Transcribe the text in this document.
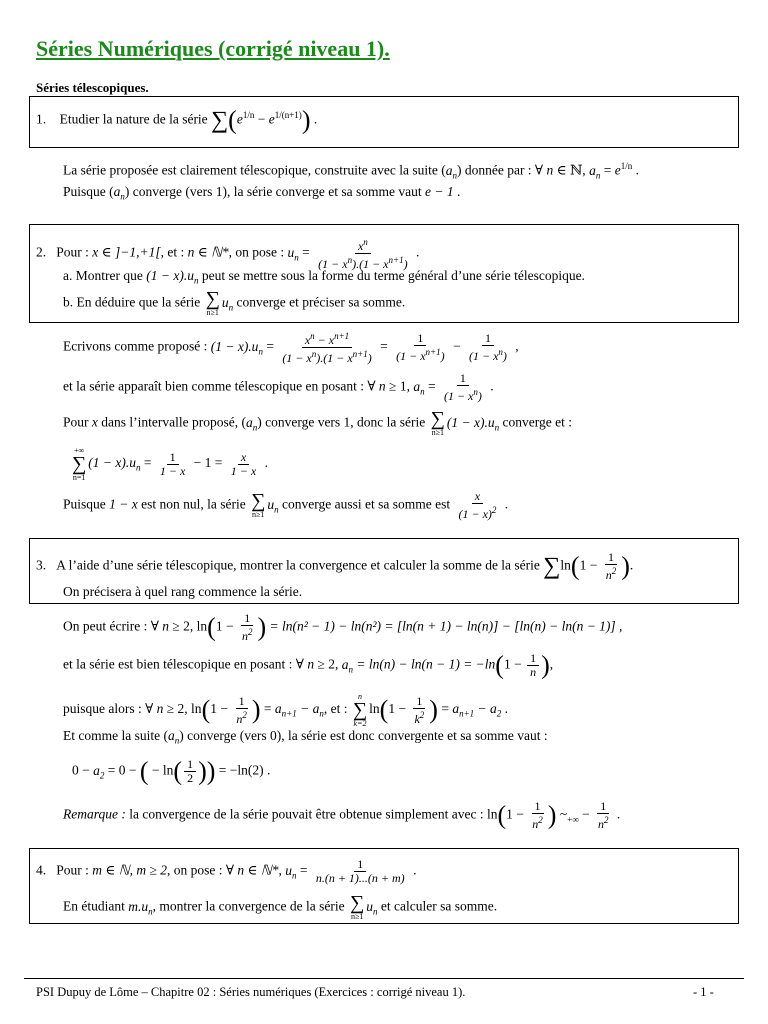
Séries Numériques (corrigé niveau 1).
Séries télescopiques.
1. Etudier la nature de la série $\sum(e^{1/n} - e^{1/(n+1)})$ .
La série proposée est clairement télescopique, construite avec la suite $(a_n)$ donnée par : ∀ n ∈ ℕ, $a_n = e^{1/n}$ .
Puisque $(a_n)$ converge (vers 1), la série converge et sa somme vaut e − 1 .
2. Pour : x ∈ ]−1,+1[, et : n ∈ ℕ*, on pose : $u_n = \frac{x^n}{(1 - x^n).(1 - x^{n+1})}$ .
a. Montrer que $(1 - x).u_n$ peut se mettre sous la forme du terme général d’une série télescopique.
b. En déduire que la série ∑
n≥1
$u_n$ converge et préciser sa somme.
Ecrivons comme proposé : $(1 - x).u_n = \frac{x^n - x^{n+1}}{(1 - x^n).(1 - x^{n+1})} = \frac{1}{(1 - x^{n+1})} - \frac{1}{(1 - x^n)}$ ,
et la série apparaît bien comme télescopique en posant : ∀ n ≥ 1, $a_n = \frac{1}{(1 - x^n)}$ .
Pour x dans l’intervalle proposé, $(a_n)$ converge vers 1, donc la série ∑
n≥1
$(1 - x).u_n$ converge et :
+∞
∑
n=1
$(1 - x).u_n = \frac{1}{1 - x} - 1 = \frac{x}{1 - x}$ .
Puisque 1 − x est non nul, la série ∑
n≥1
$u_n$ converge aussi et sa somme est $\frac{x}{(1 - x)^2}$ .
3. A l’aide d’une série télescopique, montrer la convergence et calculer la somme de la série $\sum\ln(1 - \frac{1}{n^2}$ ).
On précisera à quel rang commence la série.
On peut écrire : ∀ n ≥ 2, $\ln(1 - \frac{1}{n^2}$ ) = ln(n² − 1) − ln(n²) = [ln(n + 1) − ln(n)] − [ln(n) − ln(n − 1)] ,
et la série est bien télescopique en posant : ∀ n ≥ 2, $a_n = \ln(n) - \ln(n - 1) = -\ln(1 - \frac{1}{n}$ ),
puisque alors : ∀ n ≥ 2, $\ln(1 - \frac{1}{n^2}$ ) = $a_{n+1} - a_n$, et :
n
∑
k=2
$\ln(1 - \frac{1}{k^2}$ ) = $a_{n+1} - a_2$ .
Et comme la suite $(a_n)$ converge (vers 0), la série est donc convergente et sa somme vaut :
$0 - a_2 = 0$ − ( − $\ln( \frac{1}{2}$ )) = −ln(2) .
Remarque : la convergence de la série pouvait être obtenue simplement avec : $\ln(1 - \frac{1}{n^2}$ ) $\sim_{+\infty} - \frac{1}{n^2}$ .
4. Pour : m ∈ ℕ, m ≥ 2, on pose : ∀ n ∈ ℕ*, $u_n = \frac{1}{n.(n + 1)...(n + m)}$ .
En étudiant $m.u_n$, montrer la convergence de la série ∑
n≥1
$u_n$ et calculer sa somme.
PSI Dupuy de Lôme – Chapitre 02 : Séries numériques (Exercices : corrigé niveau 1).	- 1 -
